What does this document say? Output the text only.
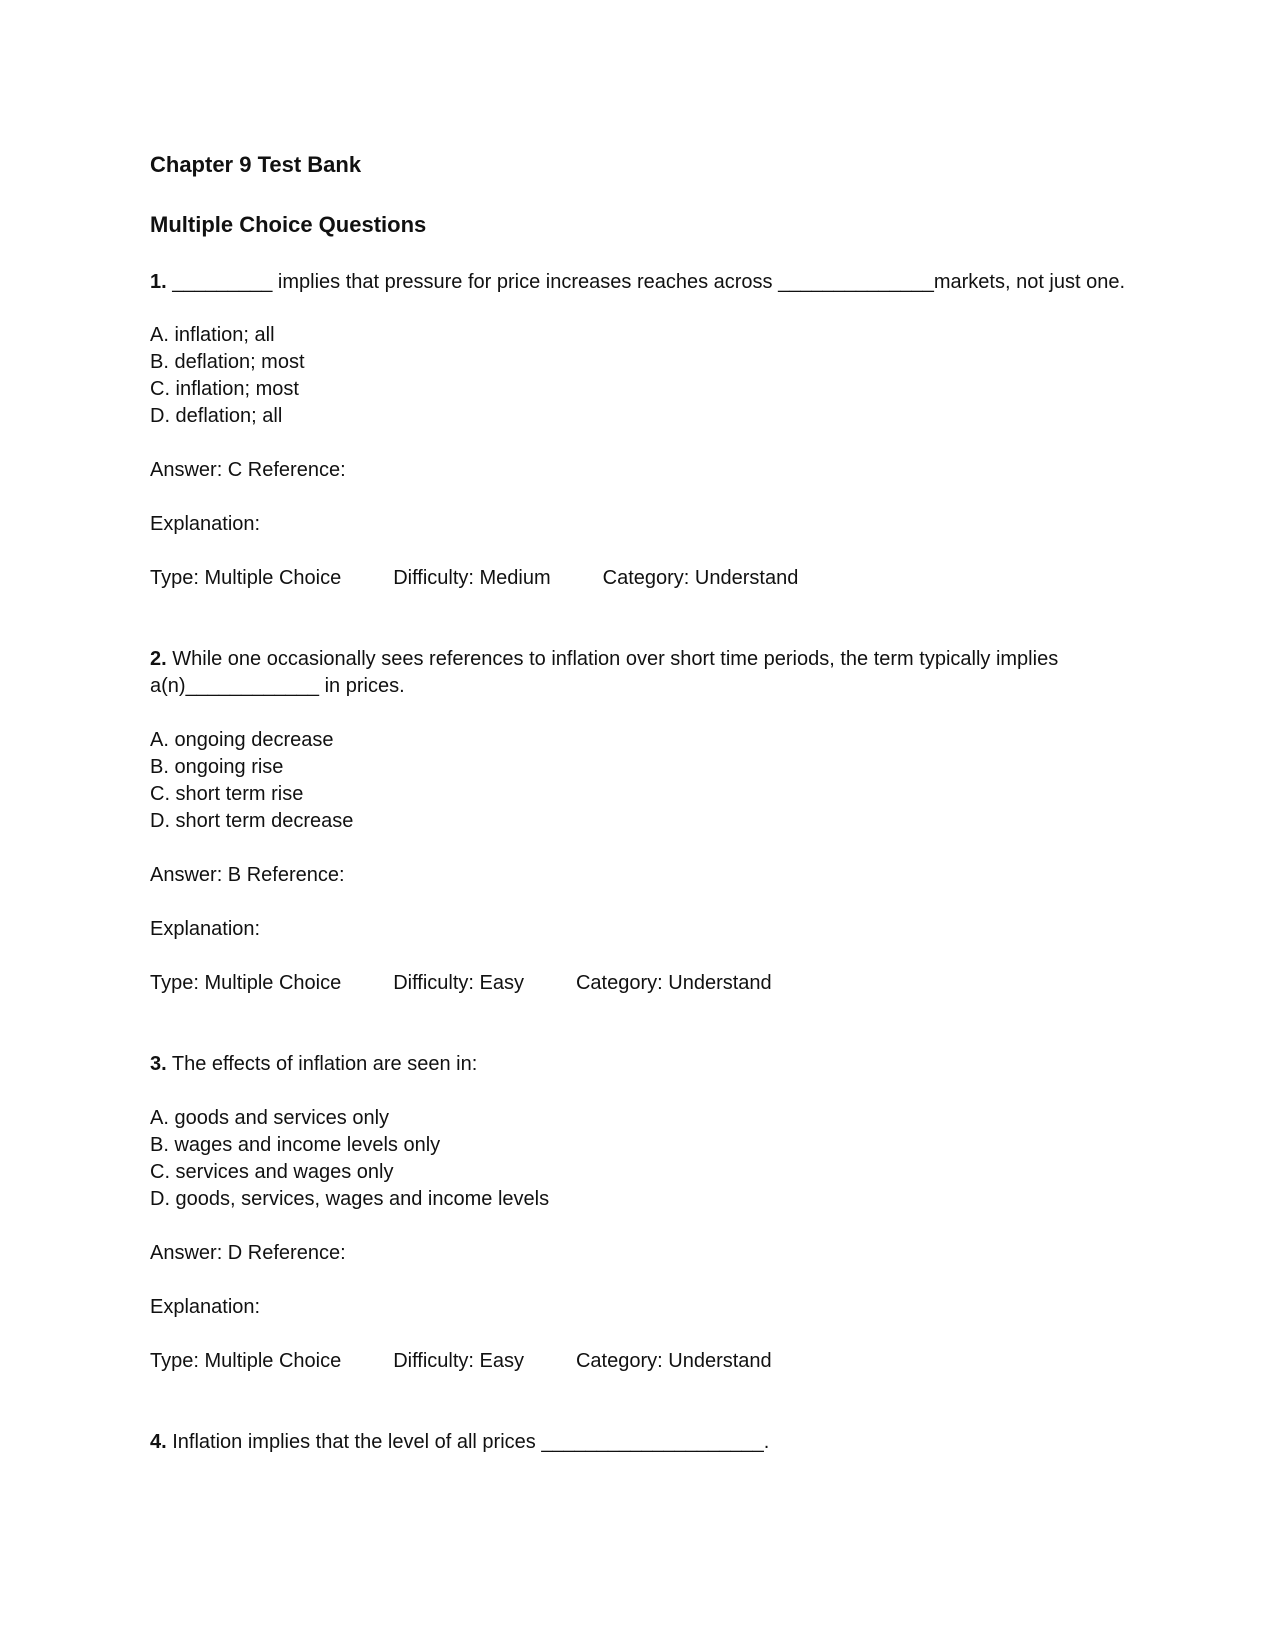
Chapter 9 Test Bank
Multiple Choice Questions
1. _________ implies that pressure for price increases reaches across ______________markets, not just one.
A. inflation; all
B. deflation; most
C. inflation; most
D. deflation; all
Answer: C Reference:
Explanation:
Type: Multiple Choice	Difficulty: Medium	Category: Understand
2. While one occasionally sees references to inflation over short time periods, the term typically implies
a(n)____________ in prices.
A. ongoing decrease
B. ongoing rise
C. short term rise
D. short term decrease
Answer: B Reference:
Explanation:
Type: Multiple Choice	Difficulty: Easy	Category: Understand
3. The effects of inflation are seen in:
A. goods and services only
B. wages and income levels only
C. services and wages only
D. goods, services, wages and income levels
Answer: D Reference:
Explanation:
Type: Multiple Choice	Difficulty: Easy	Category: Understand
4. Inflation implies that the level of all prices ____________________.
